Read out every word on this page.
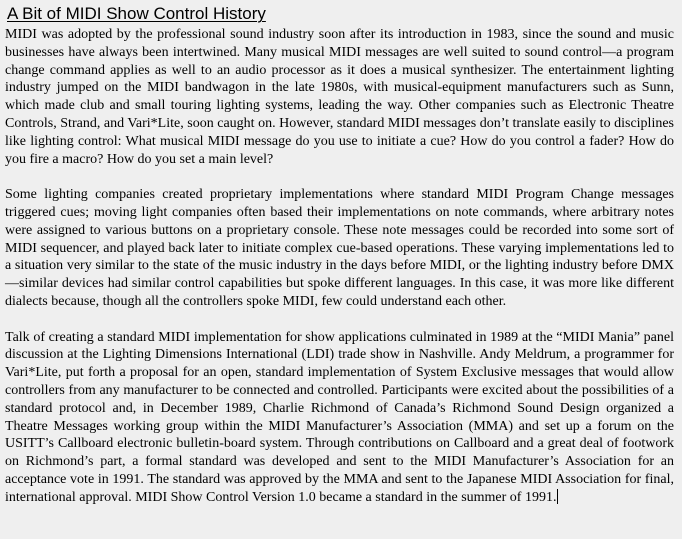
A Bit of MIDI Show Control History

MIDI was adopted by the professional sound industry soon after its introduction in 1983, since the sound and music businesses have always been intertwined. Many musical MIDI messages are well suited to sound control—a program change command applies as well to an audio processor as it does a musical synthesizer. The entertainment lighting industry jumped on the MIDI bandwagon in the late 1980s, with musical-equipment manufacturers such as Sunn, which made club and small touring lighting systems, leading the way. Other companies such as Electronic Theatre Controls, Strand, and Vari*Lite, soon caught on. However, standard MIDI messages don’t translate easily to disciplines like lighting control: What musical MIDI message do you use to initiate a cue? How do you control a fader? How do you fire a macro? How do you set a main level?

Some lighting companies created proprietary implementations where standard MIDI Program Change messages triggered cues; moving light companies often based their implementations on note commands, where arbitrary notes were assigned to various buttons on a proprietary console. These note messages could be recorded into some sort of MIDI sequencer, and played back later to initiate complex cue-based operations. These varying implementations led to a situation very similar to the state of the music industry in the days before MIDI, or the lighting industry before DMX—similar devices had similar control capabilities but spoke different languages. In this case, it was more like different dialects because, though all the controllers spoke MIDI, few could understand each other.

Talk of creating a standard MIDI implementation for show applications culminated in 1989 at the “MIDI Mania” panel discussion at the Lighting Dimensions International (LDI) trade show in Nashville. Andy Meldrum, a programmer for Vari*Lite, put forth a proposal for an open, standard implementation of System Exclusive messages that would allow controllers from any manufacturer to be connected and controlled. Participants were excited about the possibilities of a standard protocol and, in December 1989, Charlie Richmond of Canada’s Richmond Sound Design organized a Theatre Messages working group within the MIDI Manufacturer’s Association (MMA) and set up a forum on the USITT’s Callboard electronic bulletin-board system. Through contributions on Callboard and a great deal of footwork on Richmond’s part, a formal standard was developed and sent to the MIDI Manufacturer’s Association for an acceptance vote in 1991. The standard was approved by the MMA and sent to the Japanese MIDI Association for final, international approval. MIDI Show Control Version 1.0 became a standard in the summer of 1991.
